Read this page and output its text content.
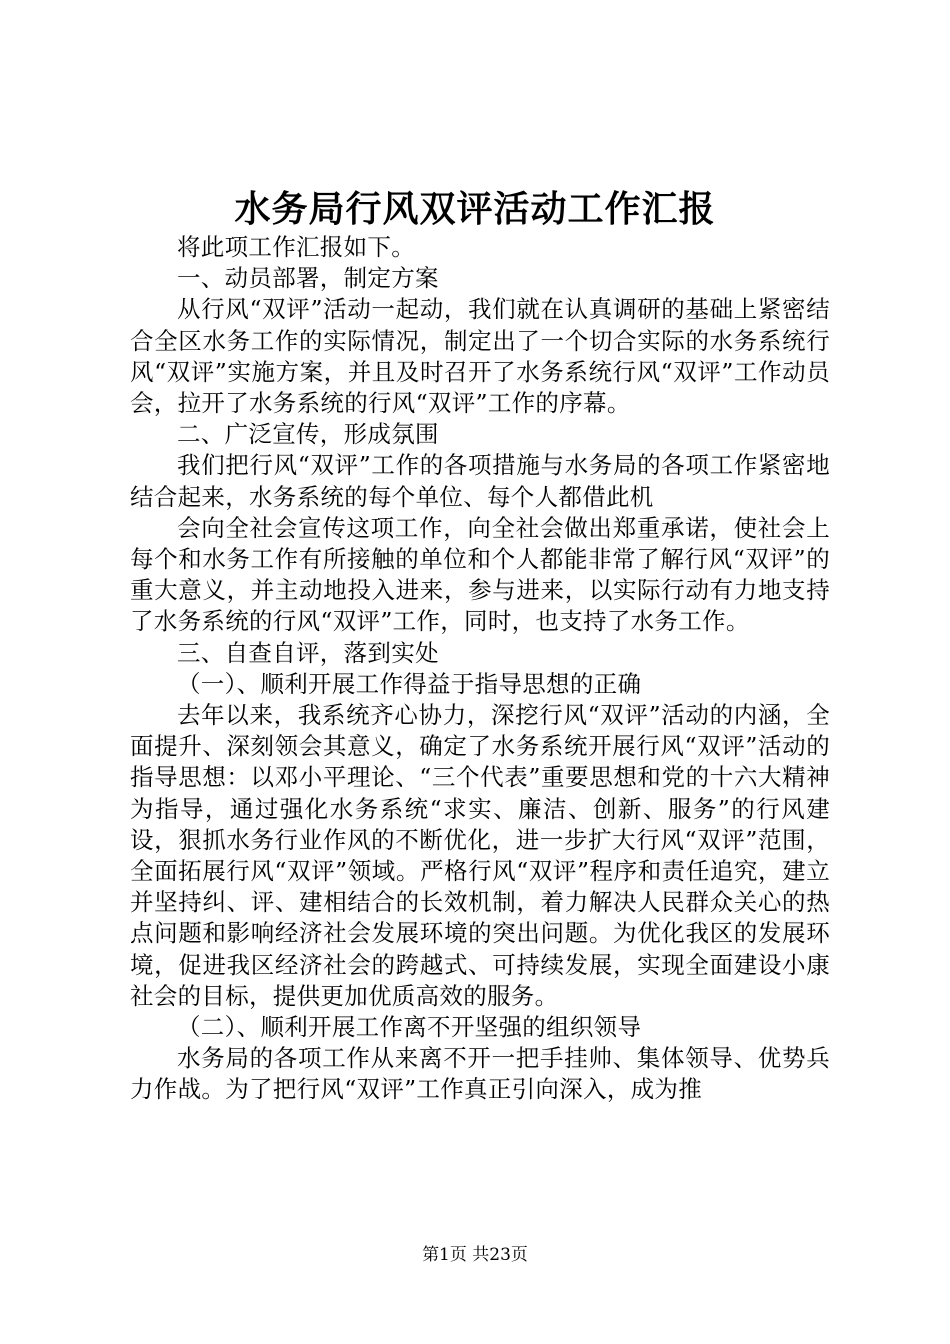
水务局行风双评活动工作汇报

将此项工作汇报如下。

一、动员部署，制定方案

从行风“双评”活动一起动，我们就在认真调研的基础上紧密结合全区水务工作的实际情况，制定出了一个切合实际的水务系统行风“双评”实施方案，并且及时召开了水务系统行风“双评”工作动员会，拉开了水务系统的行风“双评”工作的序幕。

二、广泛宣传，形成氛围

我们把行风“双评”工作的各项措施与水务局的各项工作紧密地结合起来，水务系统的每个单位、每个人都借此机

会向全社会宣传这项工作，向全社会做出郑重承诺，使社会上每个和水务工作有所接触的单位和个人都能非常了解行风“双评”的重大意义，并主动地投入进来，参与进来，以实际行动有力地支持了水务系统的行风“双评”工作，同时，也支持了水务工作。

三、自查自评，落到实处

（一）、顺利开展工作得益于指导思想的正确

去年以来，我系统齐心协力，深挖行风“双评”活动的内涵，全面提升、深刻领会其意义，确定了水务系统开展行风“双评”活动的指导思想：以邓小平理论、“三个代表”重要思想和党的十六大精神为指导，通过强化水务系统“求实、廉洁、创新、服务”的行风建设，狠抓水务行业作风的不断优化，进一步扩大行风“双评”范围，全面拓展行风“双评”领域。严格行风“双评”程序和责任追究，建立并坚持纠、评、建相结合的长效机制，着力解决人民群众关心的热点问题和影响经济社会发展环境的突出问题。为优化我区的发展环境，促进我区经济社会的跨越式、可持续发展，实现全面建设小康社会的目标，提供更加优质高效的服务。

（二）、顺利开展工作离不开坚强的组织领导

水务局的各项工作从来离不开一把手挂帅、集体领导、优势兵力作战。为了把行风“双评”工作真正引向深入，成为推

第1页 共23页
